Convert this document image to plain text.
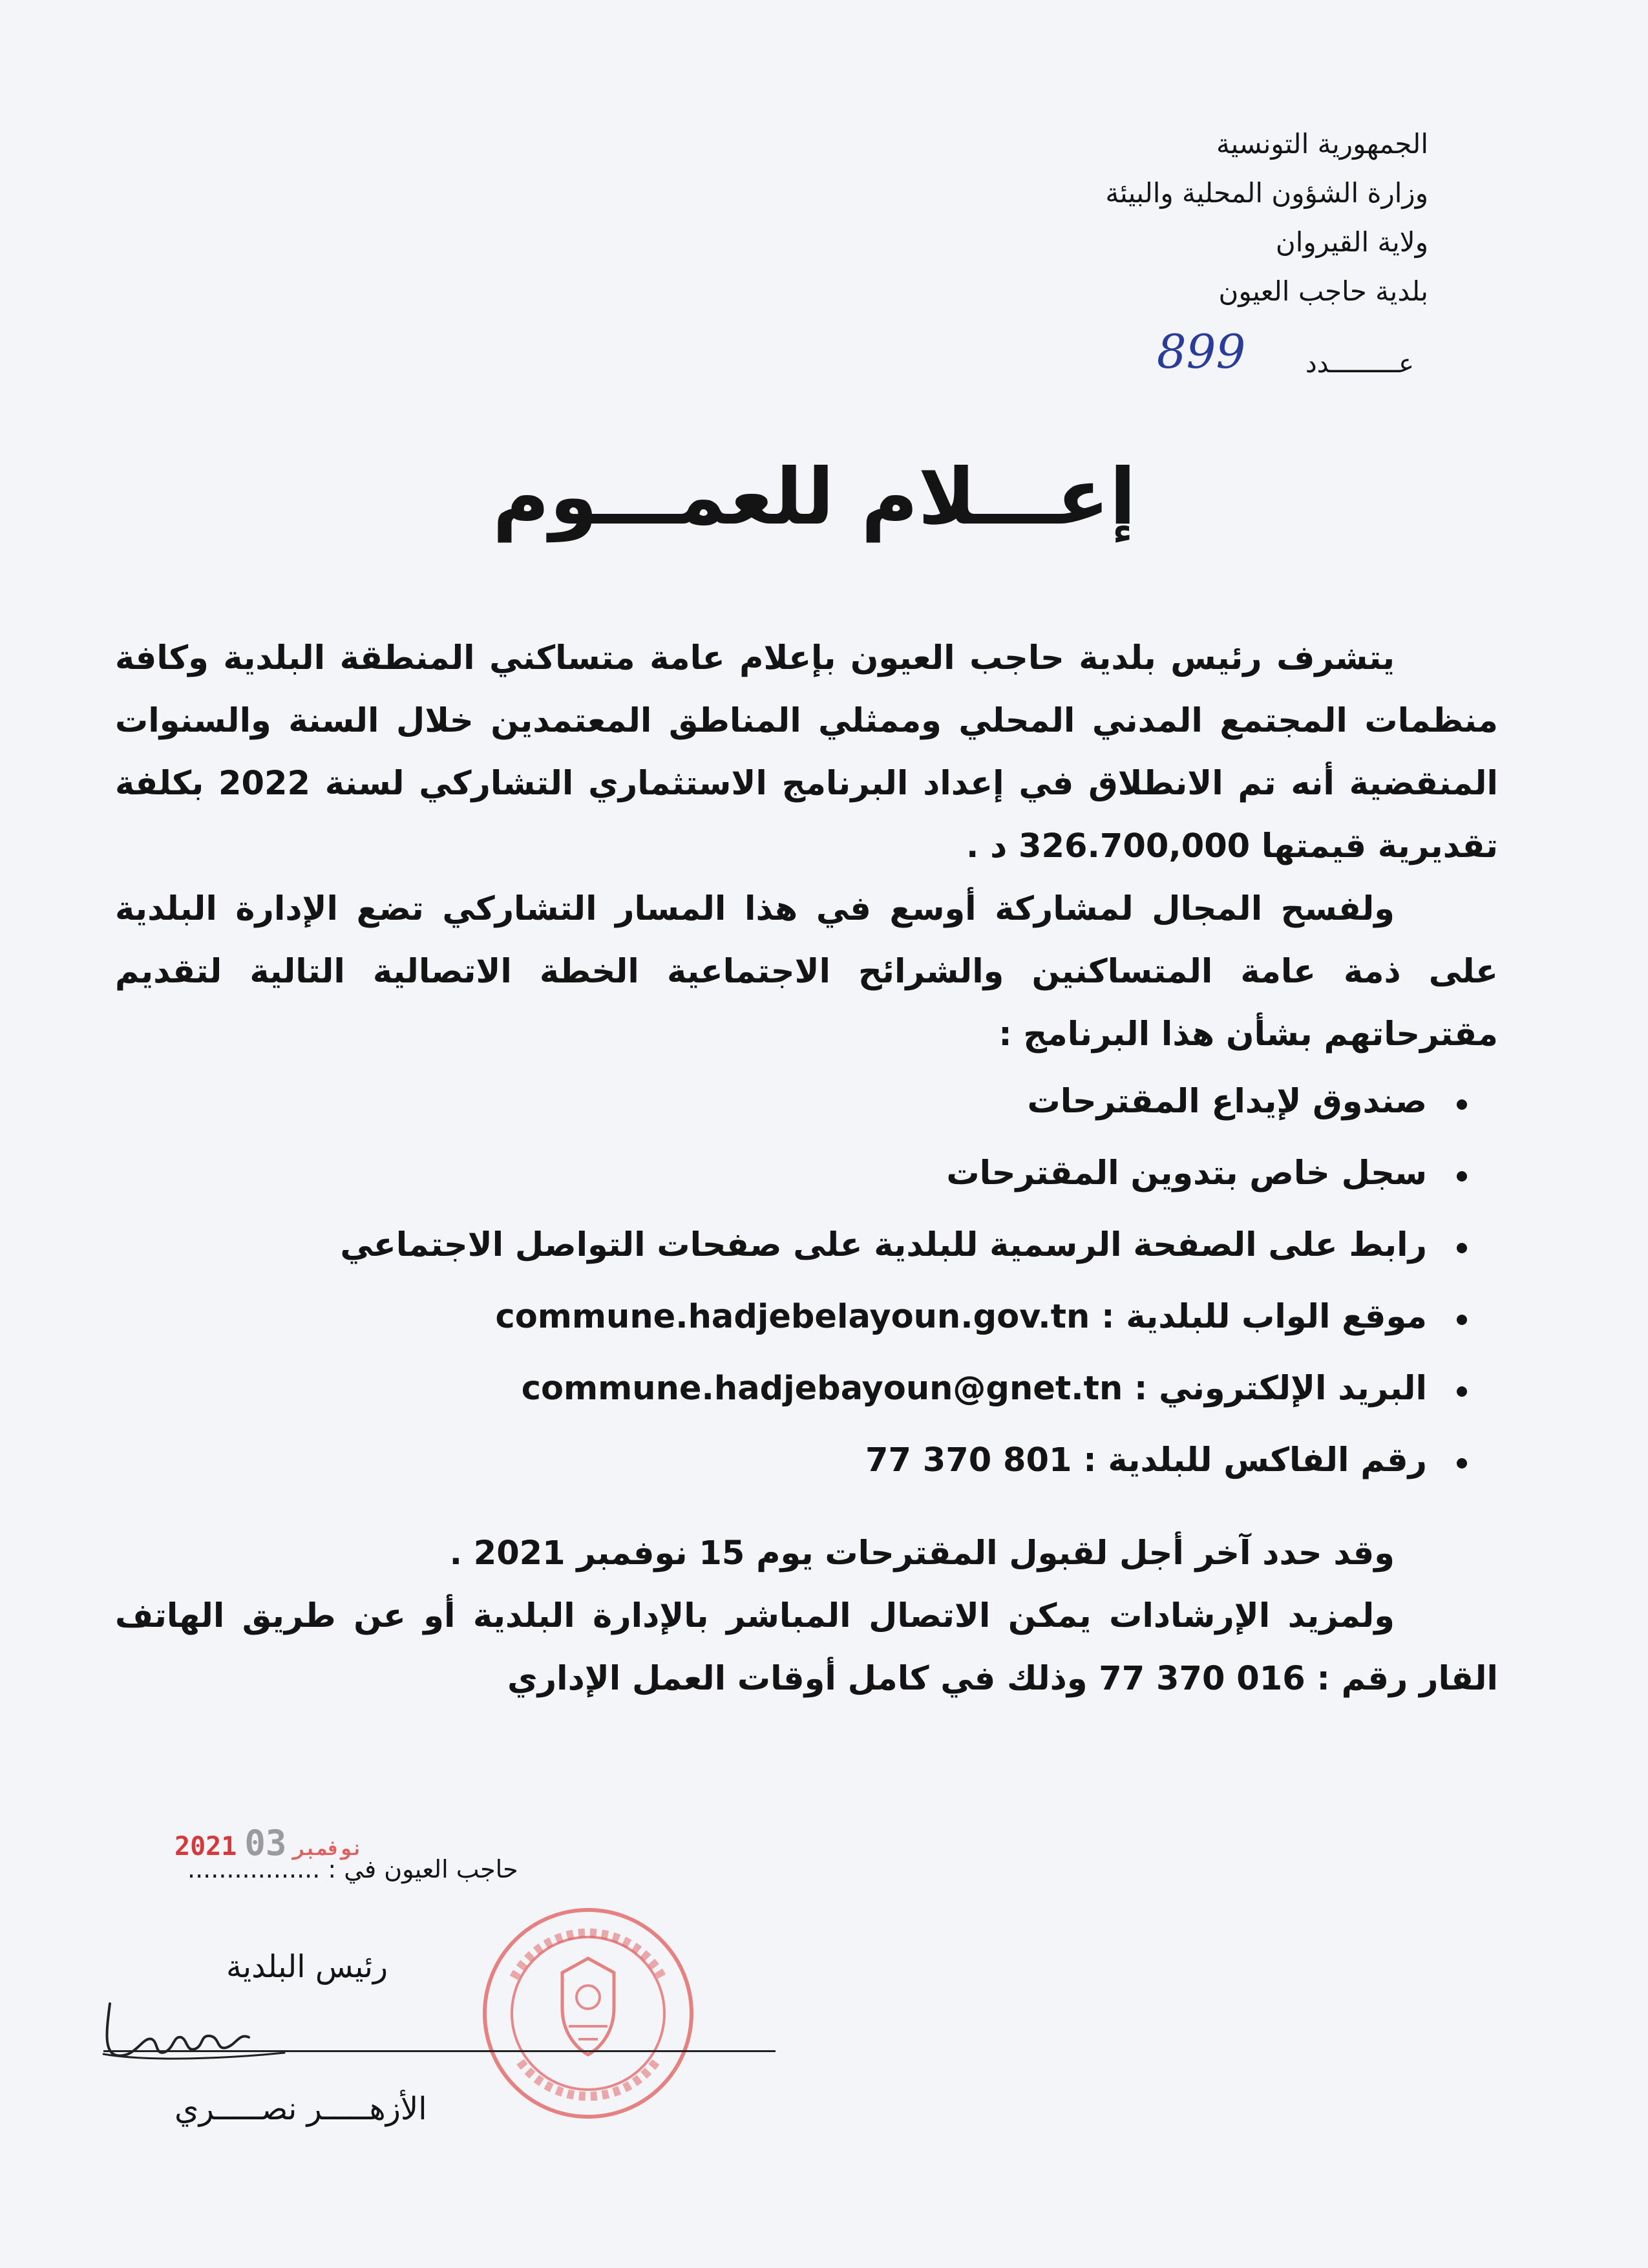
الجمهورية التونسية
وزارة الشؤون المحلية والبيئة
ولاية القيروان
بلدية حاجب العيون
عـــــــــدد
899
إعـــلام للعمـــوم

يتشرف رئيس بلدية حاجب العيون بإعلام عامة متساكني المنطقة البلدية وكافة منظمات المجتمع المدني المحلي وممثلي المناطق المعتمدين خلال السنة والسنوات المنقضية أنه تم الانطلاق في إعداد البرنامج الاستثماري التشاركي لسنة 2022 بكلفة تقديرية قيمتها 326.700,000 د .

ولفسح المجال لمشاركة أوسع في هذا المسار التشاركي تضع الإدارة البلدية على ذمة عامة المتساكنين والشرائح الاجتماعية الخطة الاتصالية التالية لتقديم مقترحاتهم بشأن هذا البرنامج :

صندوق لإيداع المقترحات
سجل خاص بتدوين المقترحات
رابط على الصفحة الرسمية للبلدية على صفحات التواصل الاجتماعي
موقع الواب للبلدية : commune.hadjebelayoun.gov.tn
البريد الإلكتروني : commune.hadjebayoun@gnet.tn
رقم الفاكس للبلدية : 77 370 801

وقد حدد آخر أجل لقبول المقترحات يوم 15 نوفمبر 2021 .

ولمزيد الإرشادات يمكن الاتصال المباشر بالإدارة البلدية أو عن طريق الهاتف القار رقم : 016 370 77 وذلك في كامل أوقات العمل الإداري

2021	نوفمبر03
حاجب العيون في : .................
رئيس البلدية
الأزهـــــر نصـــــري
